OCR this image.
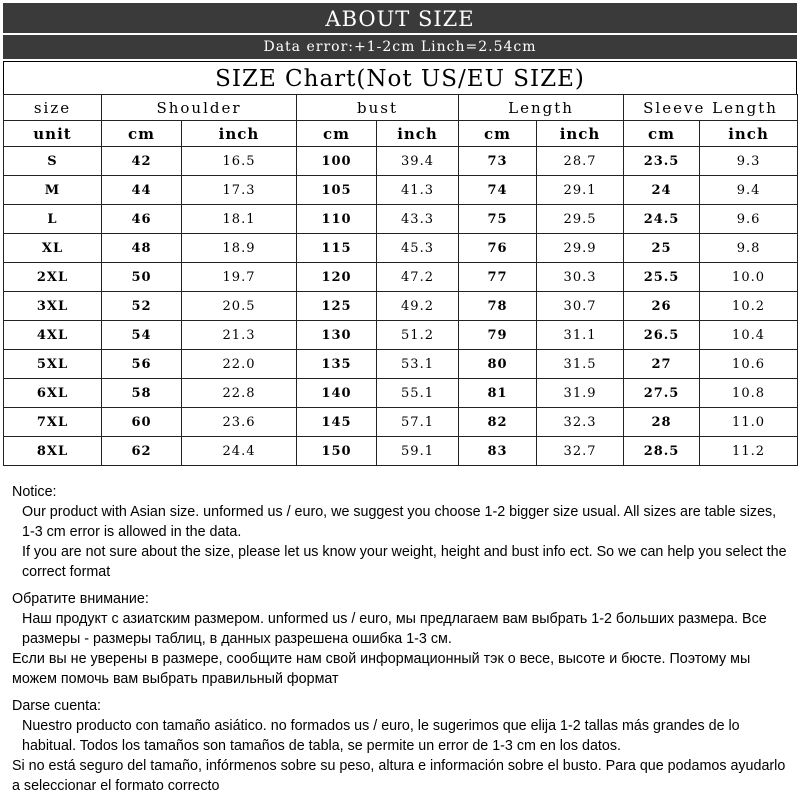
ABOUT SIZE
Data error:+1-2cm Linch=2.54cm
SIZE Chart(Not US/EU SIZE)
size	Shoulder		bust		Length		Sleeve Length	
unit	cm	inch	cm	inch	cm	inch	cm	inch
S	42	16.5	100	39.4	73	28.7	23.5	9.3
M	44	17.3	105	41.3	74	29.1	24	9.4
L	46	18.1	110	43.3	75	29.5	24.5	9.6
XL	48	18.9	115	45.3	76	29.9	25	9.8
2XL	50	19.7	120	47.2	77	30.3	25.5	10.0
3XL	52	20.5	125	49.2	78	30.7	26	10.2
4XL	54	21.3	130	51.2	79	31.1	26.5	10.4
5XL	56	22.0	135	53.1	80	31.5	27	10.6
6XL	58	22.8	140	55.1	81	31.9	27.5	10.8
7XL	60	23.6	145	57.1	82	32.3	28	11.0
8XL	62	24.4	150	59.1	83	32.7	28.5	11.2

Notice:

Our product with Asian size. unformed us / euro, we suggest you choose 1-2 bigger size usual. All sizes are table sizes, 1-3 cm error is allowed in the data.

If you are not sure about the size, please let us know your weight, height and bust info ect. So we can help you select the correct format

Обратите внимание:

Наш продукт с азиатским размером. unformed us / euro, мы предлагаем вам выбрать 1-2 больших размера. Все размеры - размеры таблиц, в данных разрешена ошибка 1-3 см.

Если вы не уверены в размере, сообщите нам свой информационный тэк о весе, высоте и бюсте. Поэтому мы можем помочь вам выбрать правильный формат

Darse cuenta:

Nuestro producto con tamaño asiático. no formados us / euro, le sugerimos que elija 1-2 tallas más grandes de lo habitual. Todos los tamaños son tamaños de tabla, se permite un error de 1-3 cm en los datos.

Si no está seguro del tamaño, infórmenos sobre su peso, altura e información sobre el busto. Para que podamos ayudarlo a seleccionar el formato correcto
